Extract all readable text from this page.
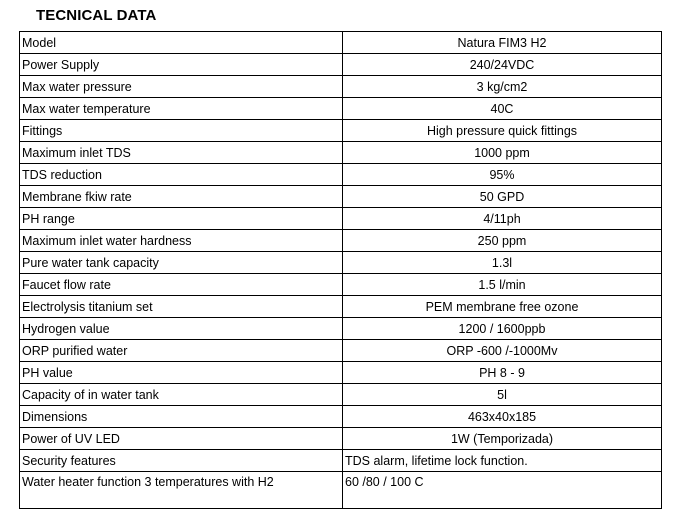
TECNICAL DATA
Model	Natura FIM3 H2
Power Supply	240/24VDC
Max water pressure	3 kg/cm2
Max water temperature	40C
Fittings	High pressure quick fittings
Maximum inlet TDS	1000 ppm
TDS reduction	95%
Membrane fkiw rate	50 GPD
PH range	4/11ph
Maximum inlet water hardness	250 ppm
Pure water tank capacity	1.3l
Faucet flow rate	1.5 l/min
Electrolysis titanium set	PEM membrane free ozone
Hydrogen value	1200 / 1600ppb
ORP purified water	ORP -600 /-1000Mv
PH value	PH 8 - 9
Capacity of in water tank	5l
Dimensions	463x40x185
Power of UV LED	1W (Temporizada)
Security features	TDS alarm, lifetime lock function.
Water heater function 3 temperatures with H2	60 /80 / 100 C
